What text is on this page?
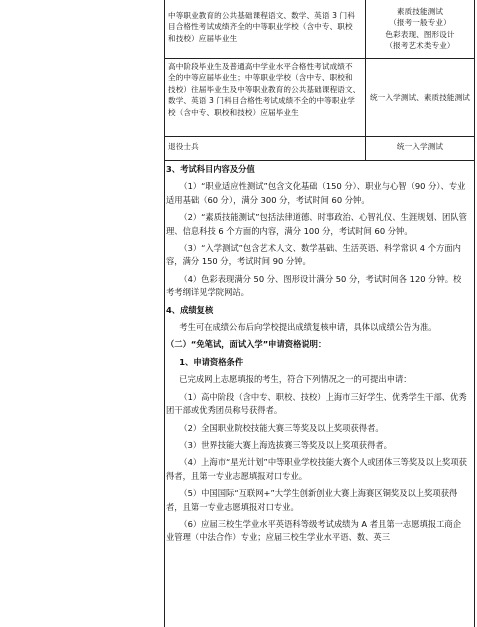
中等职业教育的公共基础课程语文、数学、英语 3 门科

目合格性考试成绩齐全的中等职业学校（含中专、职校

和技校）应届毕业生

素质技能测试

（报考一般专业）

色彩表现、图形设计

（报考艺术类专业）

高中阶段毕业生及普通高中学业水平合格性考试成绩不

全的中等应届毕业生；中等职业学校（含中专、职校和

技校）往届毕业生及中等职业教育的公共基础课程语文、

数学、英语 3 门科目合格性考试成绩不全的中等职业学

校（含中专、职校和技校）应届毕业生

统一入学测试、素质技能测试

退役士兵	统一入学测试

3、考试科目内容及分值

（1）“职业适应性测试”包含文化基础（150 分）、职业与心智（90 分）、专业适用基础（60 分），满分 300 分，考试时间 60 分钟。

（2）“素质技能测试”包括法律道德、时事政治、心智礼仪、生涯规划、团队管理、信息科技 6 个方面的内容，满分 100 分，考试时间 60 分钟。

（3）“入学测试”包含艺术人文、数学基础、生活英语、科学常识 4 个方面内容，满分 150 分，考试时间 90 分钟。

（4）色彩表现满分 50 分、图形设计满分 50 分，考试时间各 120 分钟。校考考纲详见学院网站。

4、成绩复核

考生可在成绩公布后向学校提出成绩复核申请，具体以成绩公告为准。

（二）“免笔试，面试入学”申请资格说明：

1、申请资格条件

已完成网上志愿填报的考生，符合下列情况之一的可提出申请：

（1）高中阶段（含中专、职校、技校）上海市三好学生、优秀学生干部、优秀团干部或优秀团员称号获得者。

（2）全国职业院校技能大赛三等奖及以上奖项获得者。

（3）世界技能大赛上海选拔赛三等奖及以上奖项获得者。

（4）上海市“星光计划”中等职业学校技能大赛个人或团体三等奖及以上奖项获得者，且第一专业志愿填报对口专业。

（5）中国国际“互联网+”大学生创新创业大赛上海赛区铜奖及以上奖项获得者，且第一专业志愿填报对口专业。

（6）应届三校生学业水平英语科等级考试成绩为 A 者且第一志愿填报工商企业管理（中法合作）专业；应届三校生学业水平语、数、英三
